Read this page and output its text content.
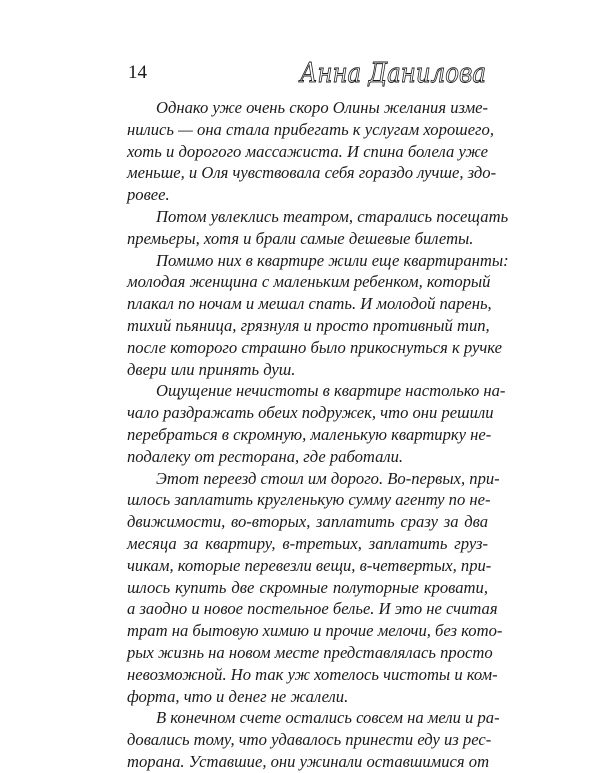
14	Анна Данилова
Однако уже очень скоро Олины желания изме-
нились — она стала прибегать к услугам хорошего,
хоть и дорогого массажиста. И спина болела уже
меньше, и Оля чувствовала себя гораздо лучше, здо-
ровее.
Потом увлеклись театром, старались посещать
премьеры, хотя и брали самые дешевые билеты.
Помимо них в квартире жили еще квартиранты:
молодая женщина с маленьким ребенком, который
плакал по ночам и мешал спать. И молодой парень,
тихий пьяница, грязнуля и просто противный тип,
после которого страшно было прикоснуться к ручке
двери или принять душ.
Ощущение нечистоты в квартире настолько на-
чало раздражать обеих подружек, что они решили
перебраться в скромную, маленькую квартирку не-
подалеку от ресторана, где работали.
Этот переезд стоил им дорого. Во-первых, при-
шлось заплатить кругленькую сумму агенту по не-
движимости, во-вторых, заплатить сразу за два
месяца за квартиру, в-третьих, заплатить груз-
чикам, которые перевезли вещи, в-четвертых, при-
шлось купить две скромные полуторные кровати,
а заодно и новое постельное белье. И это не считая
трат на бытовую химию и прочие мелочи, без кото-
рых жизнь на новом месте представлялась просто
невозможной. Но так уж хотелось чистоты и ком-
форта, что и денег не жалели.
В конечном счете остались совсем на мели и ра-
довались тому, что удавалось принести еду из рес-
торана. Уставшие, они ужинали оставшимися от
